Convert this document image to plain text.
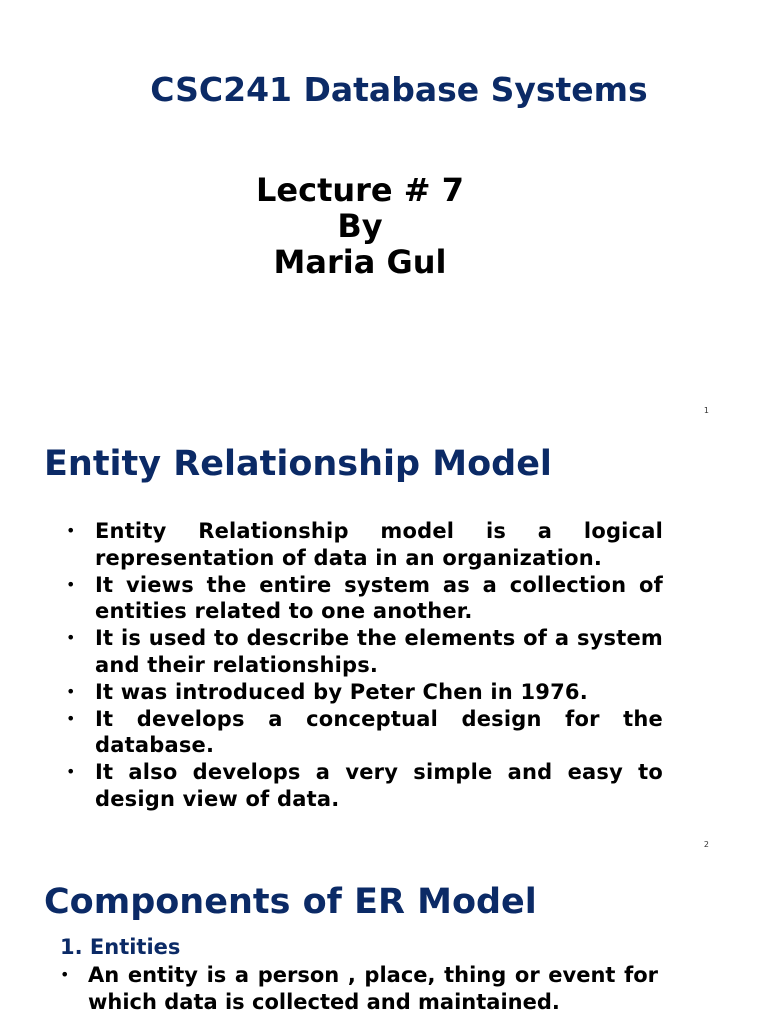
CSC241 Database Systems
Lecture # 7
By
Maria Gul
1
Entity Relationship Model
• Entity Relationship model is a logical representation of data in an organization.
• It views the entire system as a collection of entities related to one another.
• It is used to describe the elements of a system and their relationships.
• It was introduced by Peter Chen in 1976.
• It develops a conceptual design for the database.
• It also develops a very simple and easy to design view of data.
2
Components of ER Model
1. Entities
• An entity is a person , place, thing or event for which data is collected and maintained.
